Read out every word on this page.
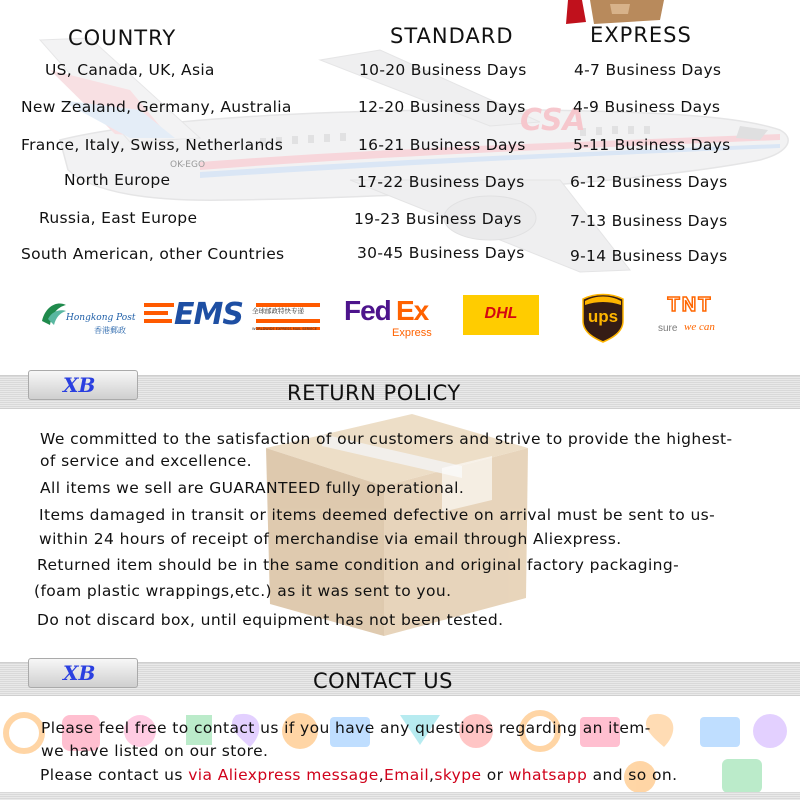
CSA
COUNTRY	STANDARD	EXPRESS
OK-EGO
US, Canada, UK, Asia	10-20 Business Days	4-7 Business Days
New Zealand, Germany, Australia	12-20 Business Days	4-9 Business Days
France, Italy, Swiss, Netherlands	16-21 Business Days	5-11 Business Days
North Europe	17-22 Business Days	6-12 Business Days
Russia, East Europe	19-23 Business Days	7-13 Business Days
South American, other Countries	30-45 Business Days	9-14 Business Days
Hongkong Post
香港郵政 EMS 全球邮政特快专递
WORLDWIDE EXPRESS MAIL SERVICE
Fed Ex
Express
DHL	ups
TNT
sure we can
XB	RETURN POLICY
We committed to the satisfaction of our customers and strive to provide the highest-
of service and excellence.
All items we sell are GUARANTEED fully operational.
Items damaged in transit or items deemed defective on arrival must be sent to us-
within 24 hours of receipt of merchandise via email through Aliexpress.
Returned item should be in the same condition and original factory packaging-
(foam plastic wrappings,etc.) as it was sent to you.
Do not discard box, until equipment has not been tested.
XB	CONTACT US
Please feel free to contact us if you have any questions regarding an item-
we have listed on our store.
Please contact us via Aliexpress message,Email,skype or whatsapp and so on.
